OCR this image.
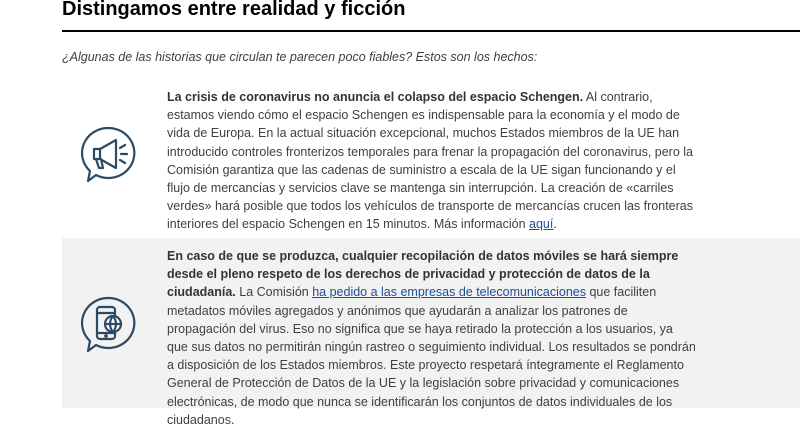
Distingamos entre realidad y ficción

¿Algunas de las historias que circulan te parecen poco fiables? Estos son los hechos:

La crisis de coronavirus no anuncia el colapso del espacio Schengen. Al contrario, estamos viendo cómo el espacio Schengen es indispensable para la economía y el modo de vida de Europa. En la actual situación excepcional, muchos Estados miembros de la UE han introducido controles fronterizos temporales para frenar la propagación del coronavirus, pero la Comisión garantiza que las cadenas de suministro a escala de la UE sigan funcionando y el flujo de mercancías y servicios clave se mantenga sin interrupción. La creación de «carriles verdes» hará posible que todos los vehículos de transporte de mercancías crucen las fronteras interiores del espacio Schengen en 15 minutos. Más información aquí.

En caso de que se produzca, cualquier recopilación de datos móviles se hará siempre desde el pleno respeto de los derechos de privacidad y protección de datos de la ciudadanía. La Comisión ha pedido a las empresas de telecomunicaciones que faciliten metadatos móviles agregados y anónimos que ayudarán a analizar los patrones de propagación del virus. Eso no significa que se haya retirado la protección a los usuarios, ya que sus datos no permitirán ningún rastreo o seguimiento individual. Los resultados se pondrán a disposición de los Estados miembros. Este proyecto respetará íntegramente el Reglamento General de Protección de Datos de la UE y la legislación sobre privacidad y comunicaciones electrónicas, de modo que nunca se identificarán los conjuntos de datos individuales de los ciudadanos.
